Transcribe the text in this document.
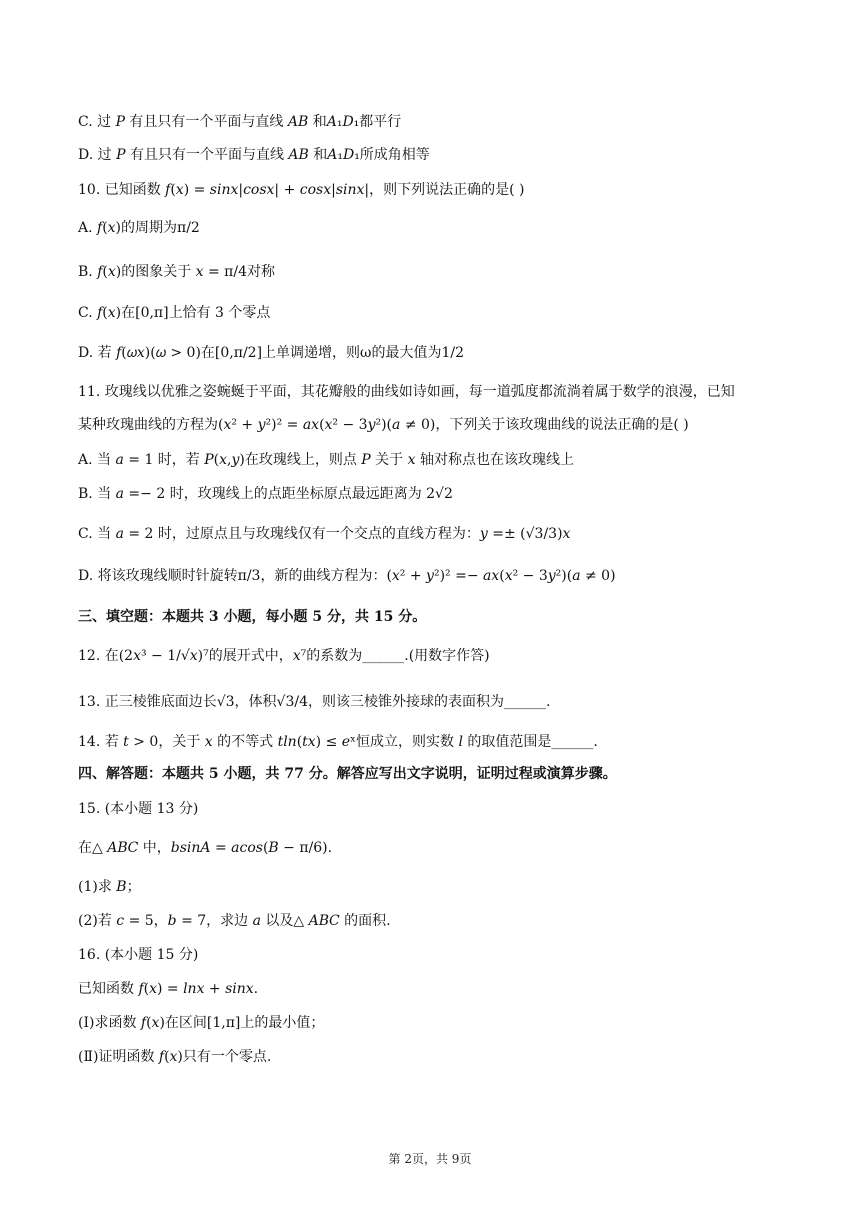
C. 过 𝑃 有且只有一个平面与直线 𝐴𝐵 和𝐴₁𝐷₁都平行
D. 过 𝑃 有且只有一个平面与直线 𝐴𝐵 和𝐴₁𝐷₁所成角相等
10. 已知函数 𝑓(𝑥) = 𝑠𝑖𝑛𝑥|𝑐𝑜𝑠𝑥| + 𝑐𝑜𝑠𝑥|𝑠𝑖𝑛𝑥|，则下列说法正确的是( )
A. 𝑓(𝑥)的周期为π/2
B. 𝑓(𝑥)的图象关于 𝑥 = π/4对称
C. 𝑓(𝑥)在[0,π]上恰有 3 个零点
D. 若 𝑓(𝜔𝑥)(𝜔 > 0)在[0,π/2]上单调递增，则ω的最大值为1/2
11. 玫瑰线以优雅之姿蜿蜒于平面，其花瓣般的曲线如诗如画，每一道弧度都流淌着属于数学的浪漫，已知
某种玫瑰曲线的方程为(𝑥² + 𝑦²)² = 𝑎𝑥(𝑥² − 3𝑦²)(𝑎 ≠ 0)，下列关于该玫瑰曲线的说法正确的是( )
A. 当 𝑎 = 1 时，若 𝑃(𝑥,𝑦)在玫瑰线上，则点 𝑃 关于 𝑥 轴对称点也在该玫瑰线上
B. 当 𝑎 =− 2 时，玫瑰线上的点距坐标原点最远距离为 2√2
C. 当 𝑎 = 2 时，过原点且与玫瑰线仅有一个交点的直线方程为：𝑦 =± (√3/3)𝑥
D. 将该玫瑰线顺时针旋转π/3，新的曲线方程为：(𝑥² + 𝑦²)² =− 𝑎𝑥(𝑥² − 3𝑦²)(𝑎 ≠ 0)
三、填空题：本题共 3 小题，每小题 5 分，共 15 分。
12. 在(2𝑥³ − 1/√𝑥)⁷的展开式中，𝑥⁷的系数为______.(用数字作答)
13. 正三棱锥底面边长√3，体积√3/4，则该三棱锥外接球的表面积为______.
14. 若 𝑡 > 0，关于 𝑥 的不等式 𝑡𝑙𝑛(𝑡𝑥) ≤ 𝑒ˣ恒成立，则实数 𝑙 的取值范围是______.
四、解答题：本题共 5 小题，共 77 分。解答应写出文字说明，证明过程或演算步骤。
15. (本小题 13 分)
在△ 𝐴𝐵𝐶 中，𝑏𝑠𝑖𝑛𝐴 = 𝑎𝑐𝑜𝑠(𝐵 − π/6).
(1)求 𝐵；
(2)若 𝑐 = 5，𝑏 = 7，求边 𝑎 以及△ 𝐴𝐵𝐶 的面积.
16. (本小题 15 分)
已知函数 𝑓(𝑥) = 𝑙𝑛𝑥 + 𝑠𝑖𝑛𝑥.
(Ⅰ)求函数 𝑓(𝑥)在区间[1,π]上的最小值；
(Ⅱ)证明函数 𝑓(𝑥)只有一个零点.
第 2页，共 9页
